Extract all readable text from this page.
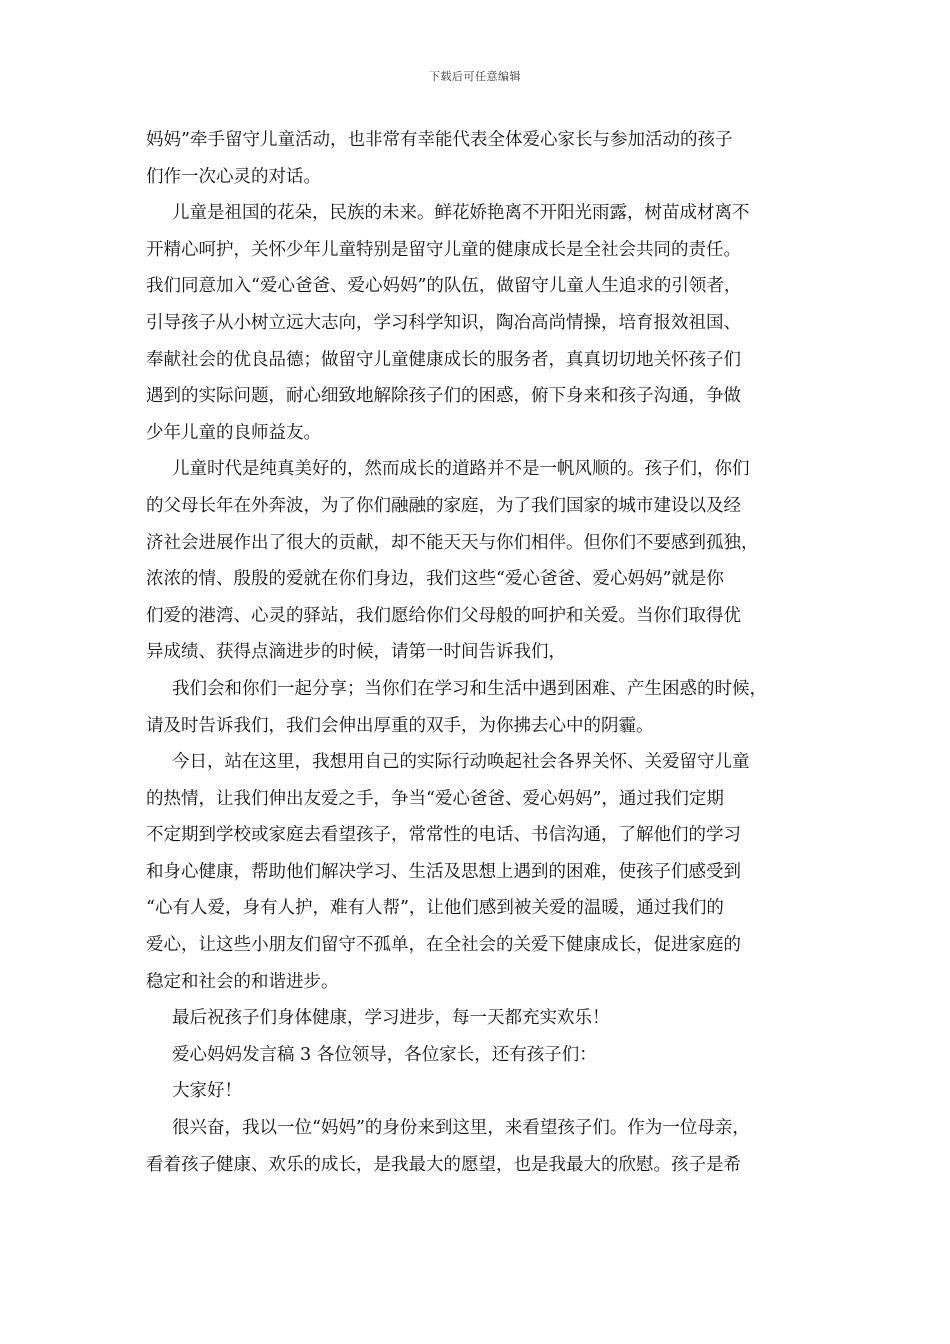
下载后可任意编辑
妈妈”牵手留守儿童活动，也非常有幸能代表全体爱心家长与参加活动的孩子
们作一次心灵的对话。
儿童是祖国的花朵，民族的未来。鲜花娇艳离不开阳光雨露，树苗成材离不
开精心呵护，关怀少年儿童特别是留守儿童的健康成长是全社会共同的责任。
我们同意加入“爱心爸爸、爱心妈妈”的队伍，做留守儿童人生追求的引领者，
引导孩子从小树立远大志向，学习科学知识，陶冶高尚情操，培育报效祖国、
奉献社会的优良品德；做留守儿童健康成长的服务者，真真切切地关怀孩子们
遇到的实际问题，耐心细致地解除孩子们的困惑，俯下身来和孩子沟通，争做
少年儿童的良师益友。
儿童时代是纯真美好的，然而成长的道路并不是一帆风顺的。孩子们，你们
的父母长年在外奔波，为了你们融融的家庭，为了我们国家的城市建设以及经
济社会进展作出了很大的贡献，却不能天天与你们相伴。但你们不要感到孤独，
浓浓的情、殷殷的爱就在你们身边，我们这些“爱心爸爸、爱心妈妈”就是你
们爱的港湾、心灵的驿站，我们愿给你们父母般的呵护和关爱。当你们取得优
异成绩、获得点滴进步的时候，请第一时间告诉我们，
我们会和你们一起分享；当你们在学习和生活中遇到困难、产生困惑的时候，
请及时告诉我们，我们会伸出厚重的双手，为你拂去心中的阴霾。
今日，站在这里，我想用自己的实际行动唤起社会各界关怀、关爱留守儿童
的热情，让我们伸出友爱之手，争当“爱心爸爸、爱心妈妈”，通过我们定期
不定期到学校或家庭去看望孩子，常常性的电话、书信沟通，了解他们的学习
和身心健康，帮助他们解决学习、生活及思想上遇到的困难，使孩子们感受到
“心有人爱，身有人护，难有人帮”，让他们感到被关爱的温暖，通过我们的
爱心，让这些小朋友们留守不孤单，在全社会的关爱下健康成长，促进家庭的
稳定和社会的和谐进步。
最后祝孩子们身体健康，学习进步，每一天都充实欢乐！
爱心妈妈发言稿 3 各位领导，各位家长，还有孩子们：
大家好！
很兴奋，我以一位“妈妈”的身份来到这里，来看望孩子们。作为一位母亲，
看着孩子健康、欢乐的成长，是我最大的愿望，也是我最大的欣慰。孩子是希
